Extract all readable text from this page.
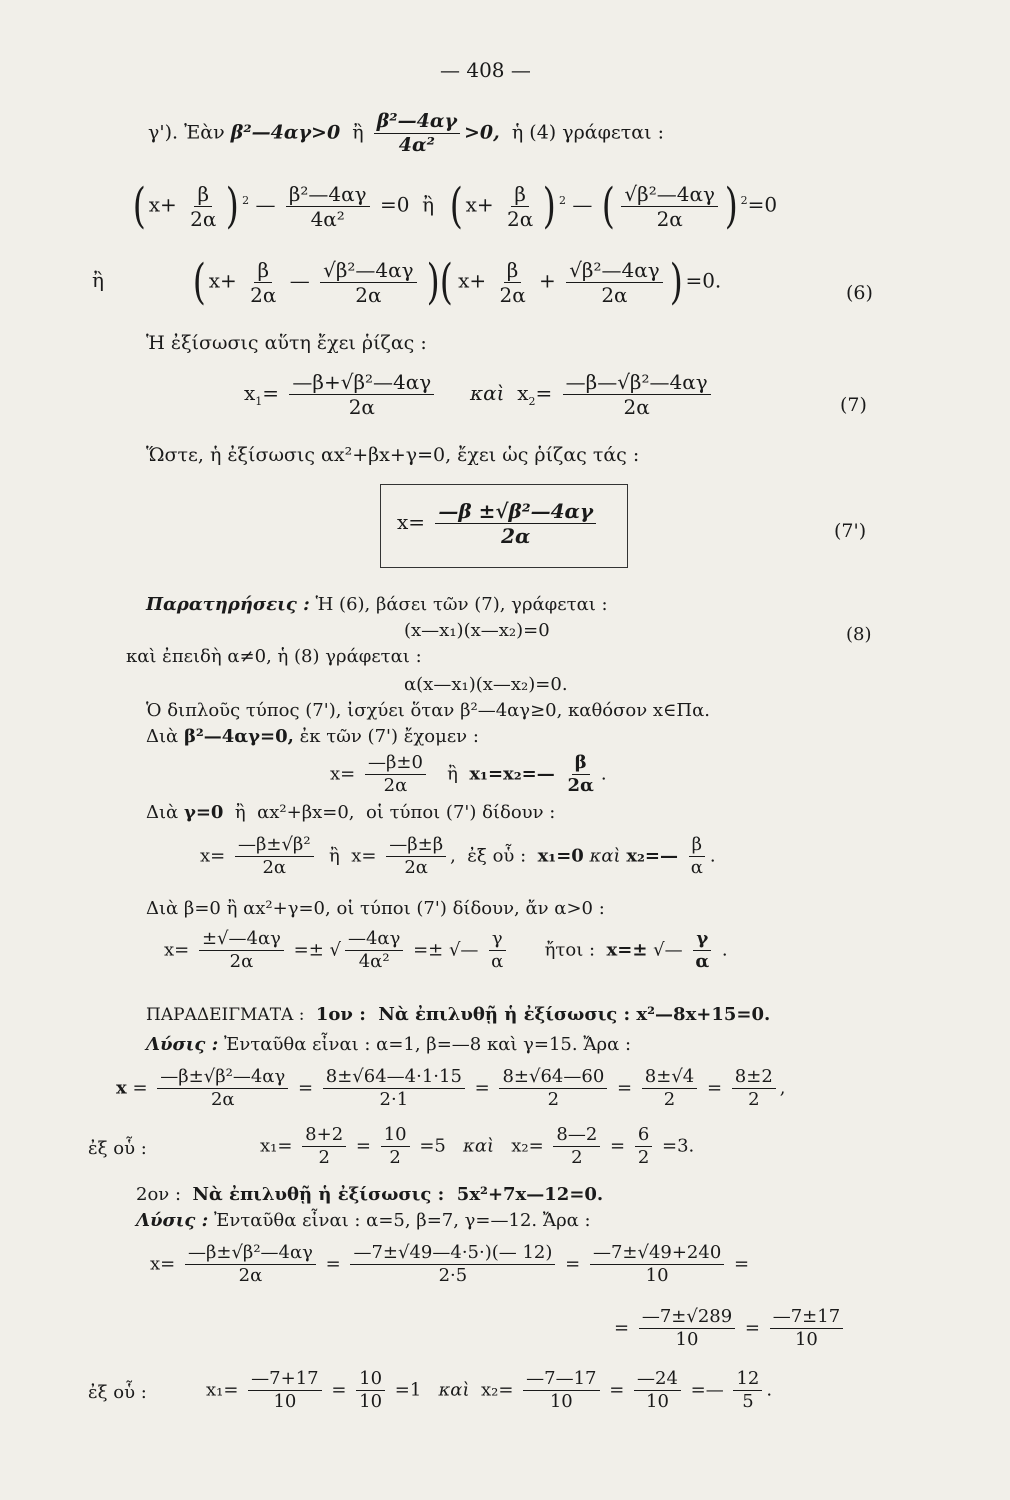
— 408 —
γ'). Ἐὰν β²—4αγ>0  ἢ $\frac{\text{β²—4αγ}}{\text{4α²}} >0$,  ἡ (4) γράφεται :
( $x+ \frac{\beta}{2\alpha}$ ) $^2$ — $\frac{\text{β²—4αγ}}{\text{4α²}} =0$  ἢ  ( $x+ \frac{\beta}{2\alpha}$ ) $^2$ — ( $\frac{\text{√β²—4αγ}}{2\alpha}$ ) $^2$=0
ἢ ( $x+ \frac{\beta}{2\alpha}$ — $\frac{\text{√β²—4αγ}}{2\alpha}$ )( $x+ \frac{\beta}{2\alpha} + \frac{\text{√β²—4αγ}}{2\alpha}$ ) =0.
(6)
Ἡ ἐξίσωσις αὕτη ἔχει ῥίζας :
$x_1= \frac{\text{—β+√β²—4αγ}}{2\alpha}$ καὶ  $x_2= \frac{\text{—β—√β²—4αγ}}{2\alpha}$	(7)
Ὥστε, ἡ ἐξίσωσις αx²+βx+γ=0, ἔχει ὡς ῥίζας τάς :
$x= \frac{\text{—β ±√β²—4αγ}}{2\alpha}$	(7')
Παρατηρήσεις : Ἡ (6), βάσει τῶν (7), γράφεται :
(x—x₁)(x—x₂)=0	(8)
καὶ ἐπειδὴ α≠0, ἡ (8) γράφεται :
α(x—x₁)(x—x₂)=0.
Ὁ διπλοῦς τύπος (7'), ἰσχύει ὅταν β²—4αγ≥0, καθόσον x∈Πα.
Διὰ β²—4αγ=0, ἐκ τῶν (7') ἔχομεν :
$x= \frac{—\beta\pm 0}{2\alpha}$ ἢ  x₁=x₂=— $\frac{\beta}{2\alpha}$ .
Διὰ γ=0  ἢ  αx²+βx=0,  οἱ τύποι (7') δίδουν :
$x= \frac{\text{—β±√β²}}{2\alpha}$ ἢ  $x= \frac{—\beta\pm\beta}{2\alpha}$ ,  ἐξ οὗ :  x₁=0 καὶ x₂=— $\frac{\beta}{\alpha}$ .
Διὰ β=0 ἢ αx²+γ=0, οἱ τύποι (7') δίδουν, ἄν α>0 :
$x= \frac{\pm√—4\alpha\gamma}{2\alpha}$ =± √ $\frac{—4\alpha\gamma}{\text{4α²}}$ =± √— $\frac{\gamma}{\alpha}$ ἤτοι :  x=± √— $\frac{\gamma}{\alpha}$ .
ΠΑΡΑΔΕΙΓΜΑΤΑ : 1ον :  Νὰ ἐπιλυθῇ ἡ ἐξίσωσις : x²—8x+15=0.
Λύσις : Ἐνταῦθα εἶναι : α=1, β=—8 καὶ γ=15. Ἄρα :
$x = \frac{\text{—β±√β²—4αγ}}{2\alpha} = \frac{8\pm√64—4\cdot 1\cdot 15}{2\cdot 1} = \frac{8\pm√64—60}{2} = \frac{8\pm√4}{2} = \frac{8\pm 2}{2}$ ,
ἐξ οὗ :	$x_1= \frac{8+2}{2} = \frac{10}{2} =5$   καὶ   $x_2= \frac{8—2}{2} = \frac{6}{2} =3$.
2ον :  Νὰ ἐπιλυθῇ ἡ ἐξίσωσις :  5x²+7x—12=0.
Λύσις : Ἐνταῦθα εἶναι : α=5, β=7, γ=—12. Ἄρα :
$x= \frac{\text{—β±√β²—4αγ}}{2\alpha} = \frac{—7\pm√49—4\cdot 5\cdot)(— 12)}{2\cdot 5} = \frac{—7\pm√49+240}{10}$ =
= $\frac{—7\pm√289}{10} = \frac{—7\pm 17}{10}$
ἐξ οὗ :	$x_1= \frac{—7+17}{10} = \frac{10}{10} =1$   καὶ  $x_2= \frac{—7—17}{10} = \frac{—24}{10}$ =— $\frac{12}{5}$ .
